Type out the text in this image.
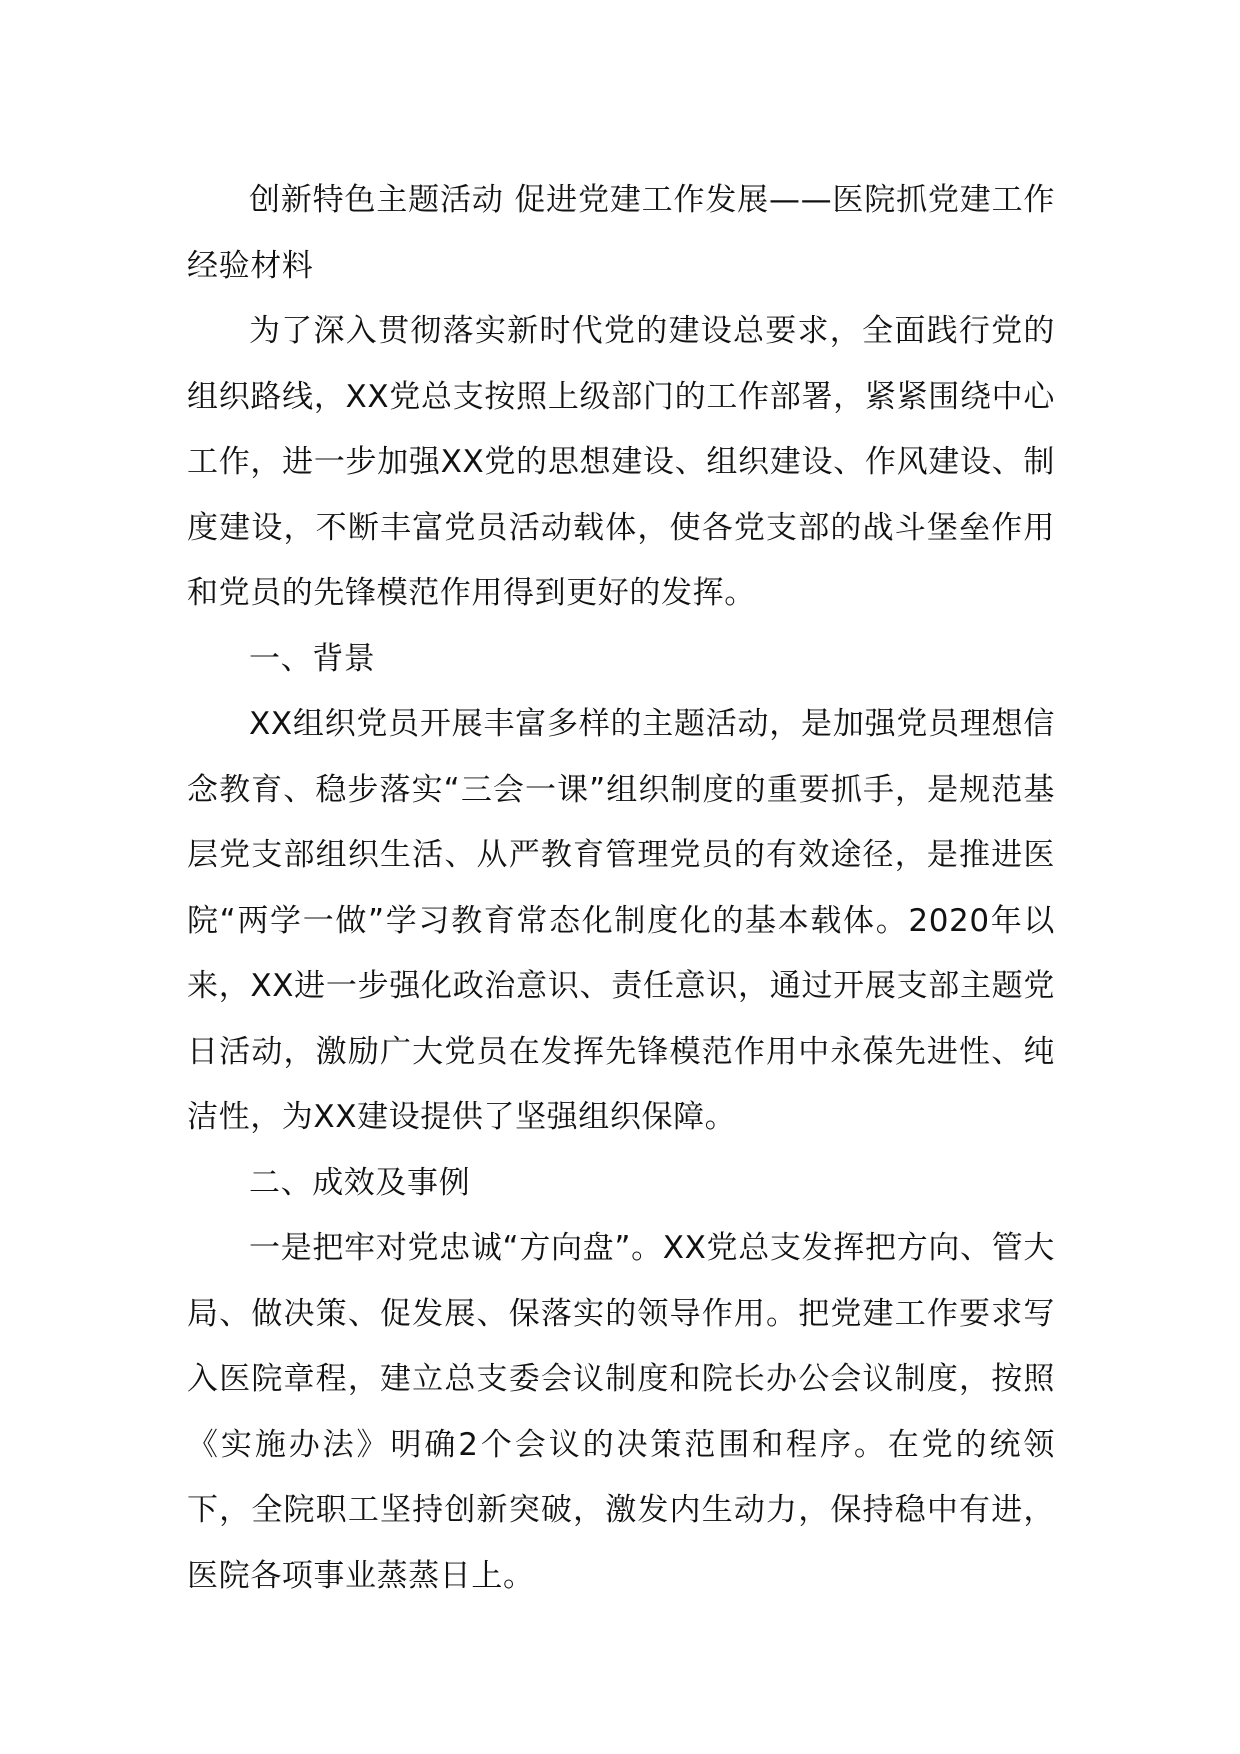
创新特色主题活动 促进党建工作发展——医院抓党建工作经验材料

为了深入贯彻落实新时代党的建设总要求，全面践行党的组织路线，XX党总支按照上级部门的工作部署，紧紧围绕中心工作，进一步加强XX党的思想建设、组织建设、作风建设、制度建设，不断丰富党员活动载体，使各党支部的战斗堡垒作用和党员的先锋模范作用得到更好的发挥。

一、背景

XX组织党员开展丰富多样的主题活动，是加强党员理想信念教育、稳步落实“三会一课”组织制度的重要抓手，是规范基层党支部组织生活、从严教育管理党员的有效途径，是推进医院“两学一做”学习教育常态化制度化的基本载体。2020年以来，XX进一步强化政治意识、责任意识，通过开展支部主题党日活动，激励广大党员在发挥先锋模范作用中永葆先进性、纯洁性，为XX建设提供了坚强组织保障。

二、成效及事例

一是把牢对党忠诚“方向盘”。XX党总支发挥把方向、管大局、做决策、促发展、保落实的领导作用。把党建工作要求写入医院章程，建立总支委会议制度和院长办公会议制度，按照《实施办法》明确2个会议的决策范围和程序。在党的统领下，全院职工坚持创新突破，激发内生动力，保持稳中有进，医院各项事业蒸蒸日上。
